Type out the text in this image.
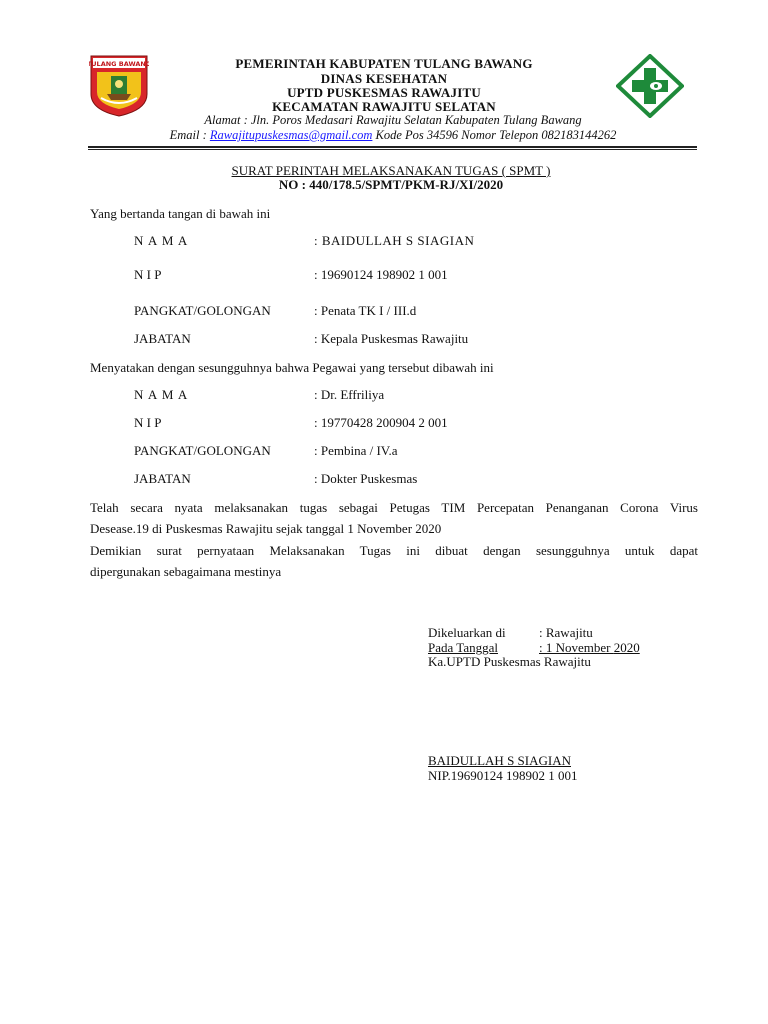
TULANG BAWANG	PEMERINTAH KABUPATEN TULANG BAWANG
DINAS KESEHATAN
UPTD PUSKESMAS RAWAJITU
KECAMATAN RAWAJITU SELATAN
Alamat : Jln. Poros Medasari Rawajitu Selatan Kabupaten Tulang Bawang
Email : Rawajitupuskesmas@gmail.com Kode Pos 34596 Nomor Telepon 082183144262
SURAT PERINTAH MELAKSANAKAN TUGAS ( SPMT )
NO : 440/178.5/SPMT/PKM-RJ/XI/2020
Yang bertanda tangan di bawah ini
N A M A	: BAIDULLAH S SIAGIAN
N I P	: 19690124 198902 1 001
PANGKAT/GOLONGAN	: Penata TK I / III.d
JABATAN	: Kepala Puskesmas Rawajitu
Menyatakan dengan sesungguhnya bahwa Pegawai yang tersebut dibawah ini
N A M A	: Dr. Effriliya
N I P	: 19770428 200904 2 001
PANGKAT/GOLONGAN	: Pembina / IV.a
JABATAN	: Dokter Puskesmas
Telah secara nyata melaksanakan tugas sebagai Petugas TIM Percepatan Penanganan Corona Virus
Desease.19 di Puskesmas Rawajitu sejak tanggal 1 November 2020
Demikian surat pernyataan Melaksanakan Tugas ini dibuat dengan sesungguhnya untuk dapat
dipergunakan sebagaimana mestinya
Dikeluarkan di	: Rawajitu
Pada Tanggal	: 1 November 2020
Ka.UPTD Puskesmas Rawajitu
BAIDULLAH S SIAGIAN
NIP.19690124 198902 1 001
